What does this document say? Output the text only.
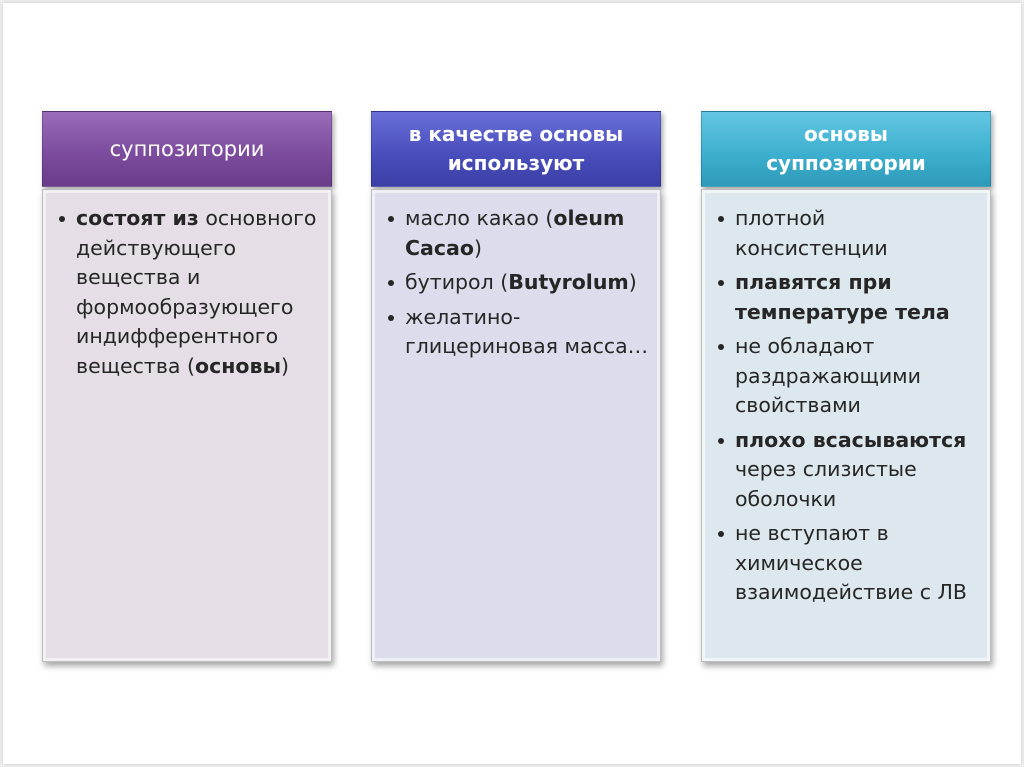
суппозитории
состоят из основного действующего вещества и формообразующего индифферентного вещества (основы)
в качестве основы
используют
масло какао (oleum Cacao)
бутирол (Butyrolum)
желатино-глицериновая масса…
основы
суппозитории
плотной консистенции
плавятся при температуре тела
не обладают раздражающими свойствами
плохо всасываются через слизистые оболочки
не вступают в химическое взаимодействие с ЛВ
